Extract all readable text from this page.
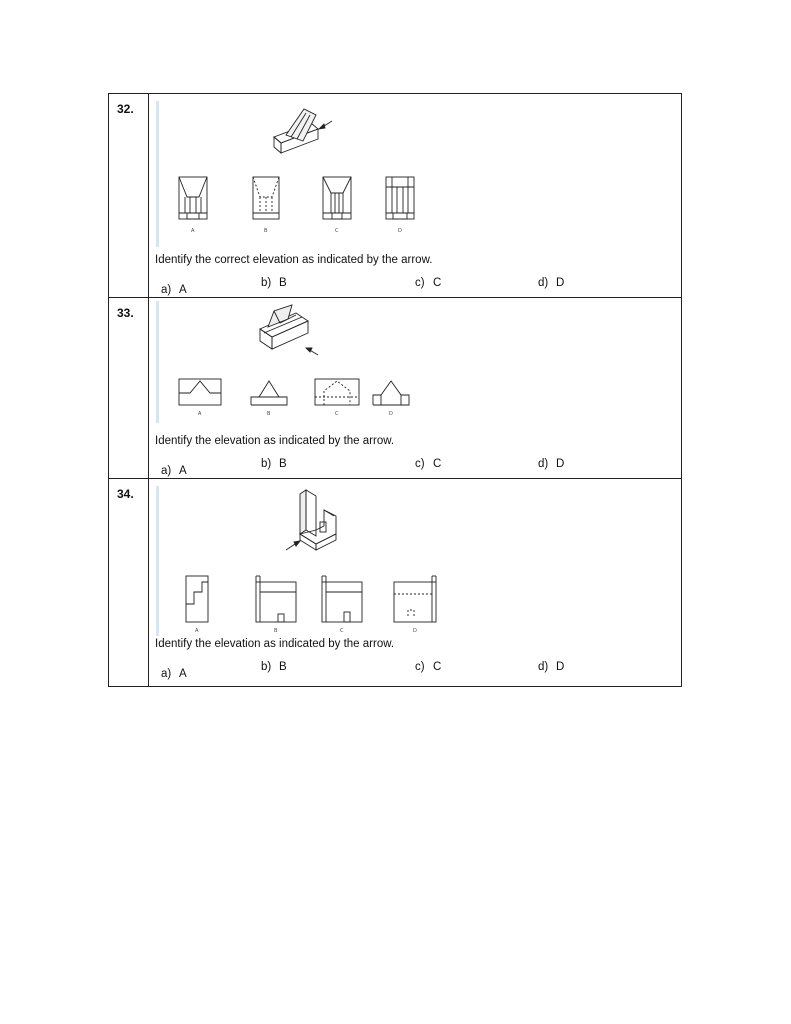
32.
A	B	C	D
Identify the correct elevation as indicated by the arrow.
a) A
b) B	c) C	d) D
33.
A	B	C	D
Identify the elevation as indicated by the arrow.
a) A
b) B	c) C	d) D
34.
A	B	C	D
Identify the elevation as indicated by the arrow.
a) A
b) B	c) C	d) D
